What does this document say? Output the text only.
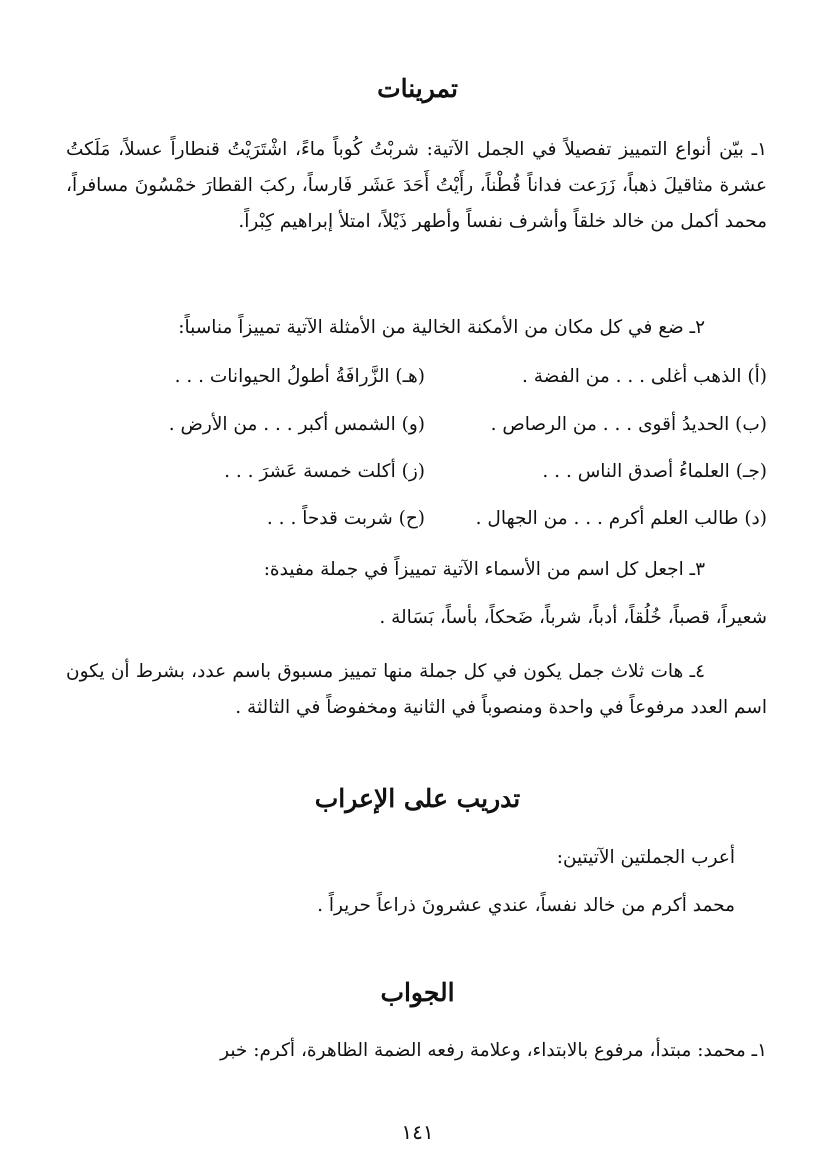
تمرينات

١ـ بيّن أنواع التمييز تفصيلاً في الجمل الآتية: شربْتُ كُوباً ماءً، اشْتَرَيْتُ قنطاراً عسلاً، مَلَكتُ عشرة مثاقيلَ ذهباً، زَرَعت فداناً قُطْناً، رأَيْتُ أَحَدَ عَشَر فَارساً، ركبَ القطارَ خمْسُونَ مسافراً، محمد أكمل من خالد خلقاً وأشرف نفساً وأطهر ذَيْلاً، امتلأ إبراهيم كِبْراً.

٢ـ ضع في كل مكان من الأمكنة الخالية من الأمثلة الآتية تمييزاً مناسباً:

(أ) الذهب أغلى . . . من الفضة .

(هـ) الزَّرافَةُ أطولُ الحيوانات . . .

(ب) الحديدُ أقوى . . . من الرصاص .

(و) الشمس أكبر . . . من الأرض .

(جـ) العلماءُ أصدق الناس . . .

(ز) أكلت خمسة عَشرَ . . .

(د) طالب العلم أكرم . . . من الجهال .

(ح) شربت قدحاً . . .

٣ـ اجعل كل اسم من الأسماء الآتية تمييزاً في جملة مفيدة:

شعيراً، قصباً، خُلُقاً، أدباً، شرباً، ضَحكاً، بأساً، بَسَالة .

٤ـ هات ثلاث جمل يكون في كل جملة منها تمييز مسبوق باسم عدد، بشرط أن يكون اسم العدد مرفوعاً في واحدة ومنصوباً في الثانية ومخفوضاً في الثالثة .

تدريب على الإعراب

أعرب الجملتين الآتيتين:

محمد أكرم من خالد نفساً، عندي عشرونَ ذراعاً حريراً .

الجواب

١ـ محمد: مبتدأ، مرفوع بالابتداء، وعلامة رفعه الضمة الظاهرة، أكرم: خبر

١٤١
